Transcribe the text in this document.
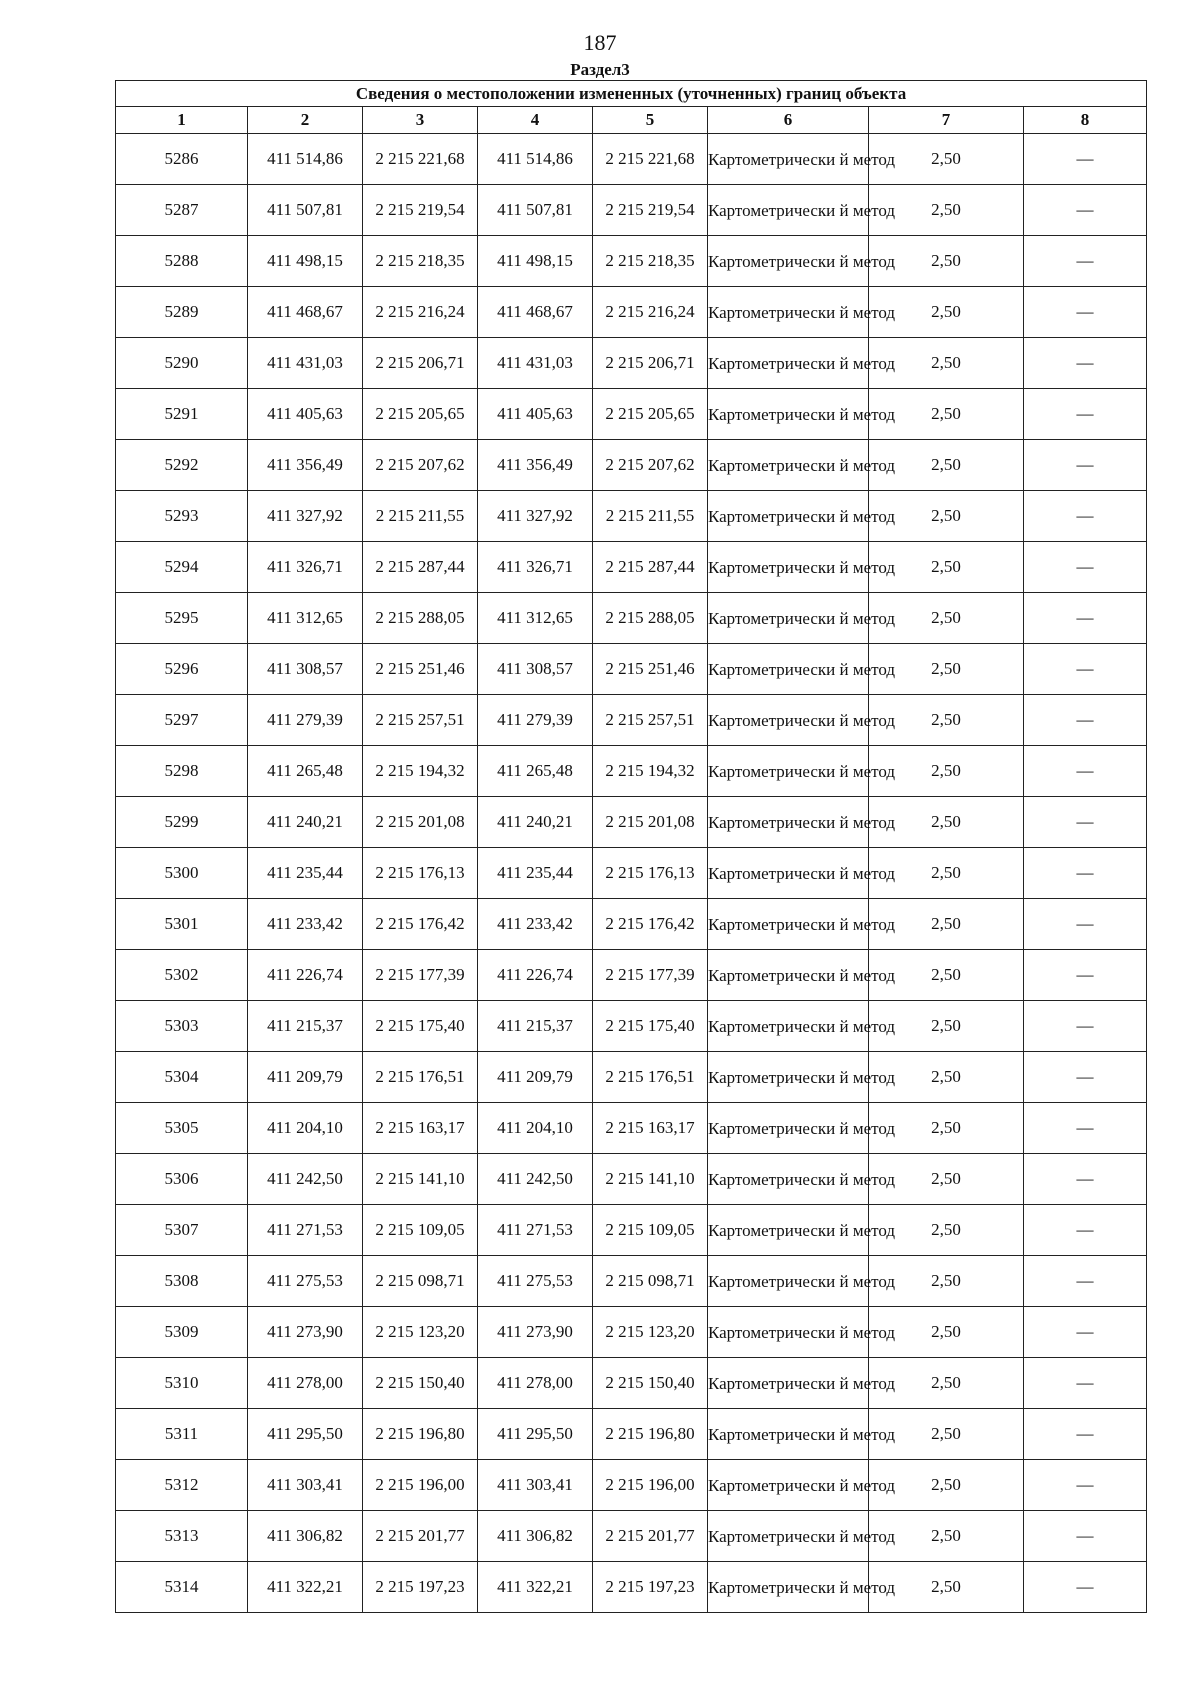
187
Раздел3
Сведения о местоположении измененных (уточненных) границ объекта							
1	2	3	4	5	6	7	8
5286	411 514,86	2 215 221,68	411 514,86	2 215 221,68	Картометрически й метод	2,50	—
5287	411 507,81	2 215 219,54	411 507,81	2 215 219,54	Картометрически й метод	2,50	—
5288	411 498,15	2 215 218,35	411 498,15	2 215 218,35	Картометрически й метод	2,50	—
5289	411 468,67	2 215 216,24	411 468,67	2 215 216,24	Картометрически й метод	2,50	—
5290	411 431,03	2 215 206,71	411 431,03	2 215 206,71	Картометрически й метод	2,50	—
5291	411 405,63	2 215 205,65	411 405,63	2 215 205,65	Картометрически й метод	2,50	—
5292	411 356,49	2 215 207,62	411 356,49	2 215 207,62	Картометрически й метод	2,50	—
5293	411 327,92	2 215 211,55	411 327,92	2 215 211,55	Картометрически й метод	2,50	—
5294	411 326,71	2 215 287,44	411 326,71	2 215 287,44	Картометрически й метод	2,50	—
5295	411 312,65	2 215 288,05	411 312,65	2 215 288,05	Картометрически й метод	2,50	—
5296	411 308,57	2 215 251,46	411 308,57	2 215 251,46	Картометрически й метод	2,50	—
5297	411 279,39	2 215 257,51	411 279,39	2 215 257,51	Картометрически й метод	2,50	—
5298	411 265,48	2 215 194,32	411 265,48	2 215 194,32	Картометрически й метод	2,50	—
5299	411 240,21	2 215 201,08	411 240,21	2 215 201,08	Картометрически й метод	2,50	—
5300	411 235,44	2 215 176,13	411 235,44	2 215 176,13	Картометрически й метод	2,50	—
5301	411 233,42	2 215 176,42	411 233,42	2 215 176,42	Картометрически й метод	2,50	—
5302	411 226,74	2 215 177,39	411 226,74	2 215 177,39	Картометрически й метод	2,50	—
5303	411 215,37	2 215 175,40	411 215,37	2 215 175,40	Картометрически й метод	2,50	—
5304	411 209,79	2 215 176,51	411 209,79	2 215 176,51	Картометрически й метод	2,50	—
5305	411 204,10	2 215 163,17	411 204,10	2 215 163,17	Картометрически й метод	2,50	—
5306	411 242,50	2 215 141,10	411 242,50	2 215 141,10	Картометрически й метод	2,50	—
5307	411 271,53	2 215 109,05	411 271,53	2 215 109,05	Картометрически й метод	2,50	—
5308	411 275,53	2 215 098,71	411 275,53	2 215 098,71	Картометрически й метод	2,50	—
5309	411 273,90	2 215 123,20	411 273,90	2 215 123,20	Картометрически й метод	2,50	—
5310	411 278,00	2 215 150,40	411 278,00	2 215 150,40	Картометрически й метод	2,50	—
5311	411 295,50	2 215 196,80	411 295,50	2 215 196,80	Картометрически й метод	2,50	—
5312	411 303,41	2 215 196,00	411 303,41	2 215 196,00	Картометрически й метод	2,50	—
5313	411 306,82	2 215 201,77	411 306,82	2 215 201,77	Картометрически й метод	2,50	—
5314	411 322,21	2 215 197,23	411 322,21	2 215 197,23	Картометрически й метод	2,50	—
